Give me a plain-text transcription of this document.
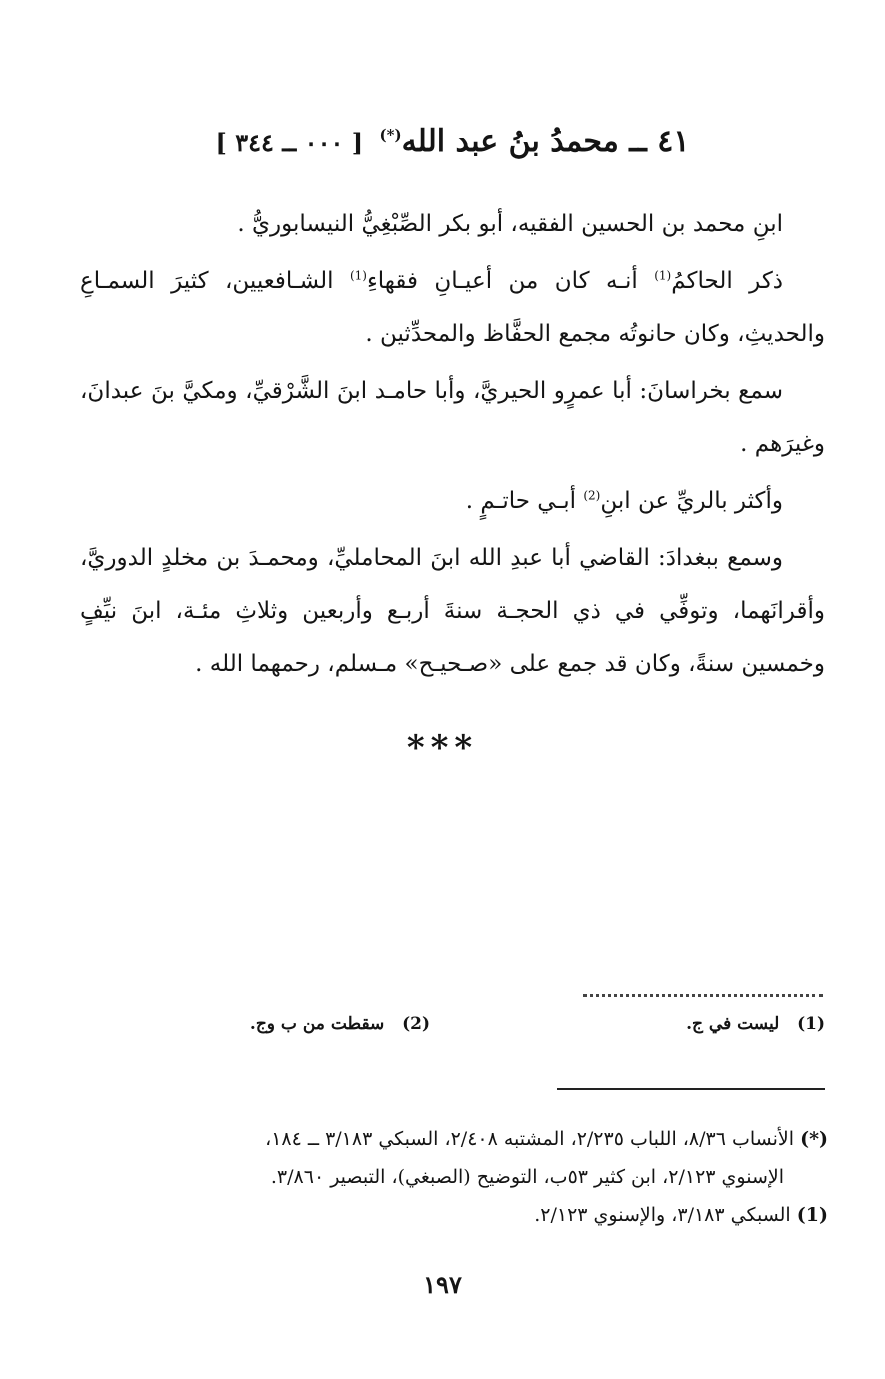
٤١ ــ محمدُ بنُ عبد الله(*) [ ٠٠٠ ــ ٣٤٤ ]

ابنِ محمد بن الحسين الفقيه، أبو بكر الصِّبْغِيُّ النيسابوريُّ .

ذكر الحاكمُ$^{(1)}$ أنـه كان من أعيـانِ فقهاءِ$^{(1)}$ الشـافعيين، كثيرَ السمـاعِ والحديثِ، وكان حانوتُه مجمع الحفَّاظ والمحدِّثين .

سمع بخراسانَ: أبا عمرٍو الحيريَّ، وأبا حامـد ابنَ الشَّرْقيِّ، ومكيَّ بنَ عبدانَ، وغيرَهم .

وأكثر بالريِّ عن ابنِ$^{(2)}$ أبـي حاتـمٍ .

وسمع ببغدادَ: القاضي أبا عبدِ الله ابنَ المحامليِّ، ومحمـدَ بن مخلدٍ الدوريَّ، وأقرانَهما، وتوفِّي في ذي الحجـة سنةَ أربـع وأربعين وثلاثِ مئـة، ابنَ نيِّفٍ وخمسين سنةً، وكان قد جمع على «صـحيـح» مـسلم، رحمهما الله .

***
(1)   ليست في ج.
(2)   سقطت من ب وج.

(*) الأنساب ٨/٣٦، اللباب ٢/٢٣٥، المشتبه ٢/٤٠٨، السبكي ٣/١٨٣ ــ ١٨٤،

الإسنوي ٢/١٢٣، ابن كثير ٥٣ب، التوضيح (الصبغي)، التبصير ٣/٨٦٠.

(1) السبكي ٣/١٨٣، والإسنوي ٢/١٢٣.

١٩٧
